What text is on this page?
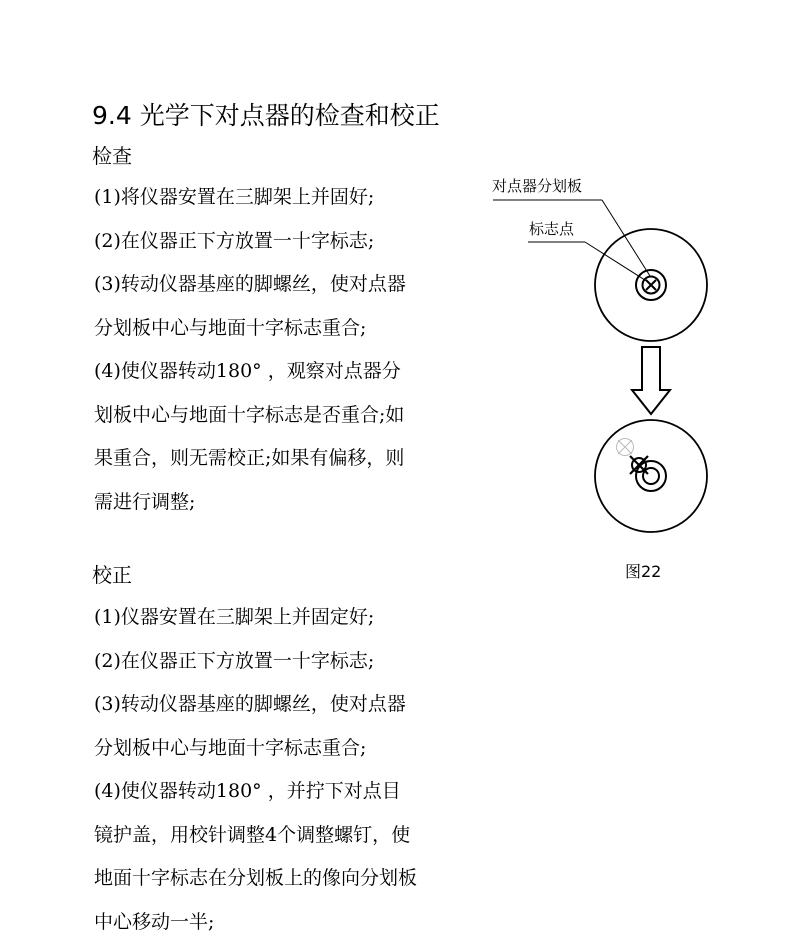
9.4 光学下对点器的检查和校正
检查
(1)将仪器安置在三脚架上并固好;
(2)在仪器正下方放置一十字标志;
(3)转动仪器基座的脚螺丝，使对点器
分划板中心与地面十字标志重合;
(4)使仪器转动180° ，观察对点器分
划板中心与地面十字标志是否重合;如
果重合，则无需校正;如果有偏移，则
需进行调整;
校正
(1)仪器安置在三脚架上并固定好;
(2)在仪器正下方放置一十字标志;
(3)转动仪器基座的脚螺丝，使对点器
分划板中心与地面十字标志重合;
(4)使仪器转动180° ，并拧下对点目
镜护盖，用校针调整4个调整螺钉，使
地面十字标志在分划板上的像向分划板
中心移动一半;
对点器分划板
标志点
图22
